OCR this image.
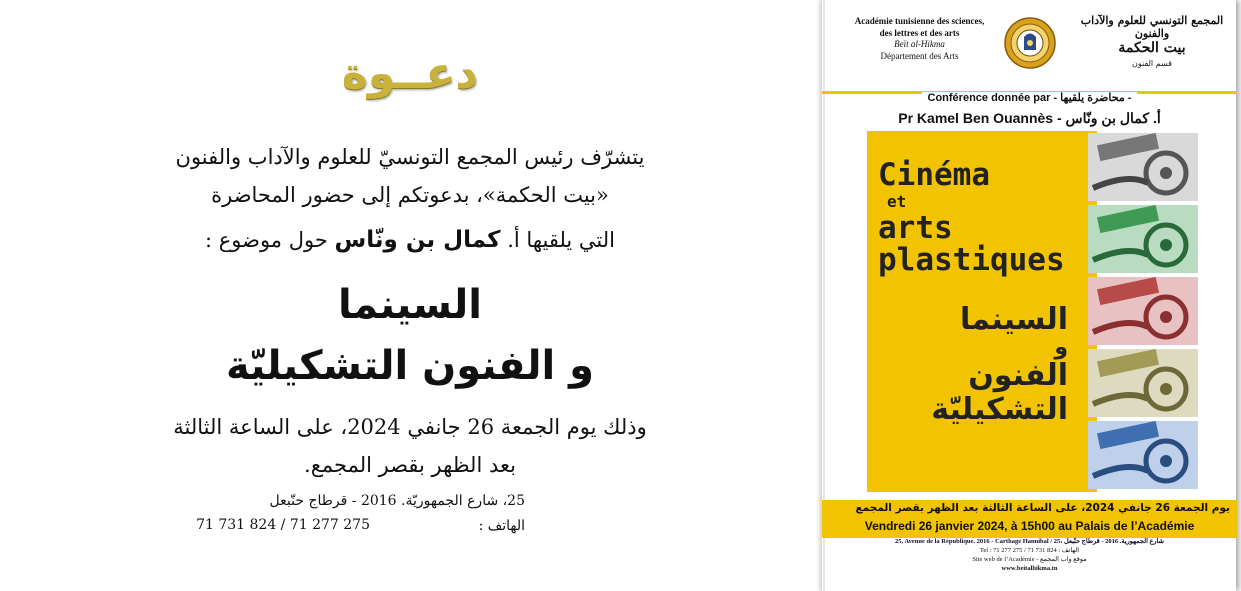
دعــوة
يتشرّف رئيس المجمع التونسيّ للعلوم والآداب والفنون
«بيت الحكمة»، بدعوتكم إلى حضور المحاضرة
التي يلقيها أ. كمال بن ونّاس حول موضوع :
السينما
و الفنون التشكيليّة
وذلك يوم الجمعة 26 جانفي 2024، على الساعة الثالثة
بعد الظهر بقصر المجمع.
25، شارع الجمهوريّة. 2016 - قرطاج حنّبعل
الهاتف :
71 731 824 / 71 277 275
Académie tunisienne des sciences,
des lettres et des arts
Beït al-Hikma
Département des Arts
المجمع التونسي للعلوم والآداب والفنون
بيت الحكمة
قسم الفنون
Conférence donnée par - محاضرة يلقيها -
Pr Kamel Ben Ouannès - أ. كمال بن ونّاس
Cinéma
et
arts
plastiques
السينما
و
الفنون
التشكيليّة
يوم الجمعة 26 جانفي 2024، على الساعة الثالثة بعد الظهر بقصر المجمع
Vendredi 26 janvier 2024, à 15h00 au Palais de l’Académie
25, Avenue de la République. 2016 - Carthage Hannibal / 25، شارع الجمهورية. 2016 - قرطاج حنّبعل
Tel : 71 277 275 / 71 731 824 : الهاتف
Site web de l’Académie - موقع واب المجمع
www.beitalhikma.tn
